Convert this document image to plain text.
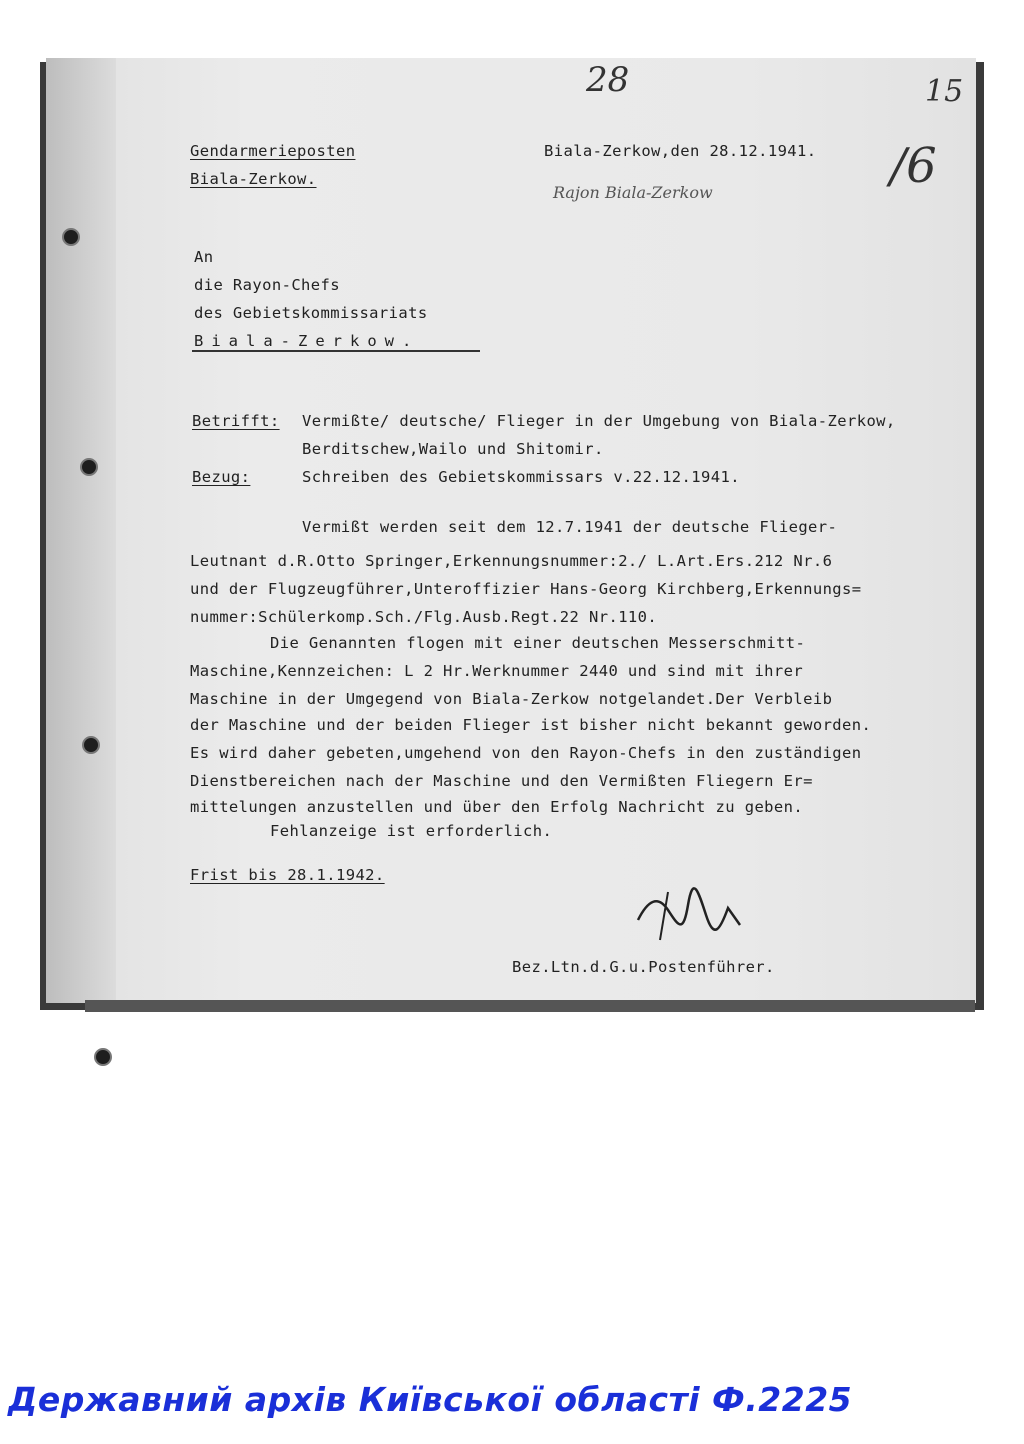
28	15
/6
Rajon Biala-Zerkow
Gendarmerieposten
Biala-Zerkow.
Biala-Zerkow,den 28.12.1941.
An
die Rayon-Chefs
des Gebietskommissariats
Biala-Zerkow.
Betrifft: Vermißte/ deutsche/ Flieger in der Umgebung von Biala-Zerkow,
Berditschew,Wailo und Shitomir.
Bezug:	Schreiben des Gebietskommissars v.22.12.1941.
Vermißt werden seit dem 12.7.1941 der deutsche Flieger-
Leutnant d.R.Otto Springer,Erkennungsnummer:2./ L.Art.Ers.212 Nr.6
und der Flugzeugführer,Unteroffizier Hans-Georg Kirchberg,Erkennungs=
nummer:Schülerkomp.Sch./Flg.Ausb.Regt.22 Nr.110.
Die Genannten flogen mit einer deutschen Messerschmitt-
Maschine,Kennzeichen: L 2 Hr.Werknummer 2440 und sind mit ihrer
Maschine in der Umgegend von Biala-Zerkow notgelandet.Der Verbleib
der Maschine und der beiden Flieger ist bisher nicht bekannt geworden.
Es wird daher gebeten,umgehend von den Rayon-Chefs in den zuständigen
Dienstbereichen nach der Maschine und den Vermißten Fliegern Er=
mittelungen anzustellen und über den Erfolg Nachricht zu geben.
Fehlanzeige ist erforderlich.
Frist bis 28.1.1942.
Bez.Ltn.d.G.u.Postenführer.
Державний архів Київської області Ф.2225
